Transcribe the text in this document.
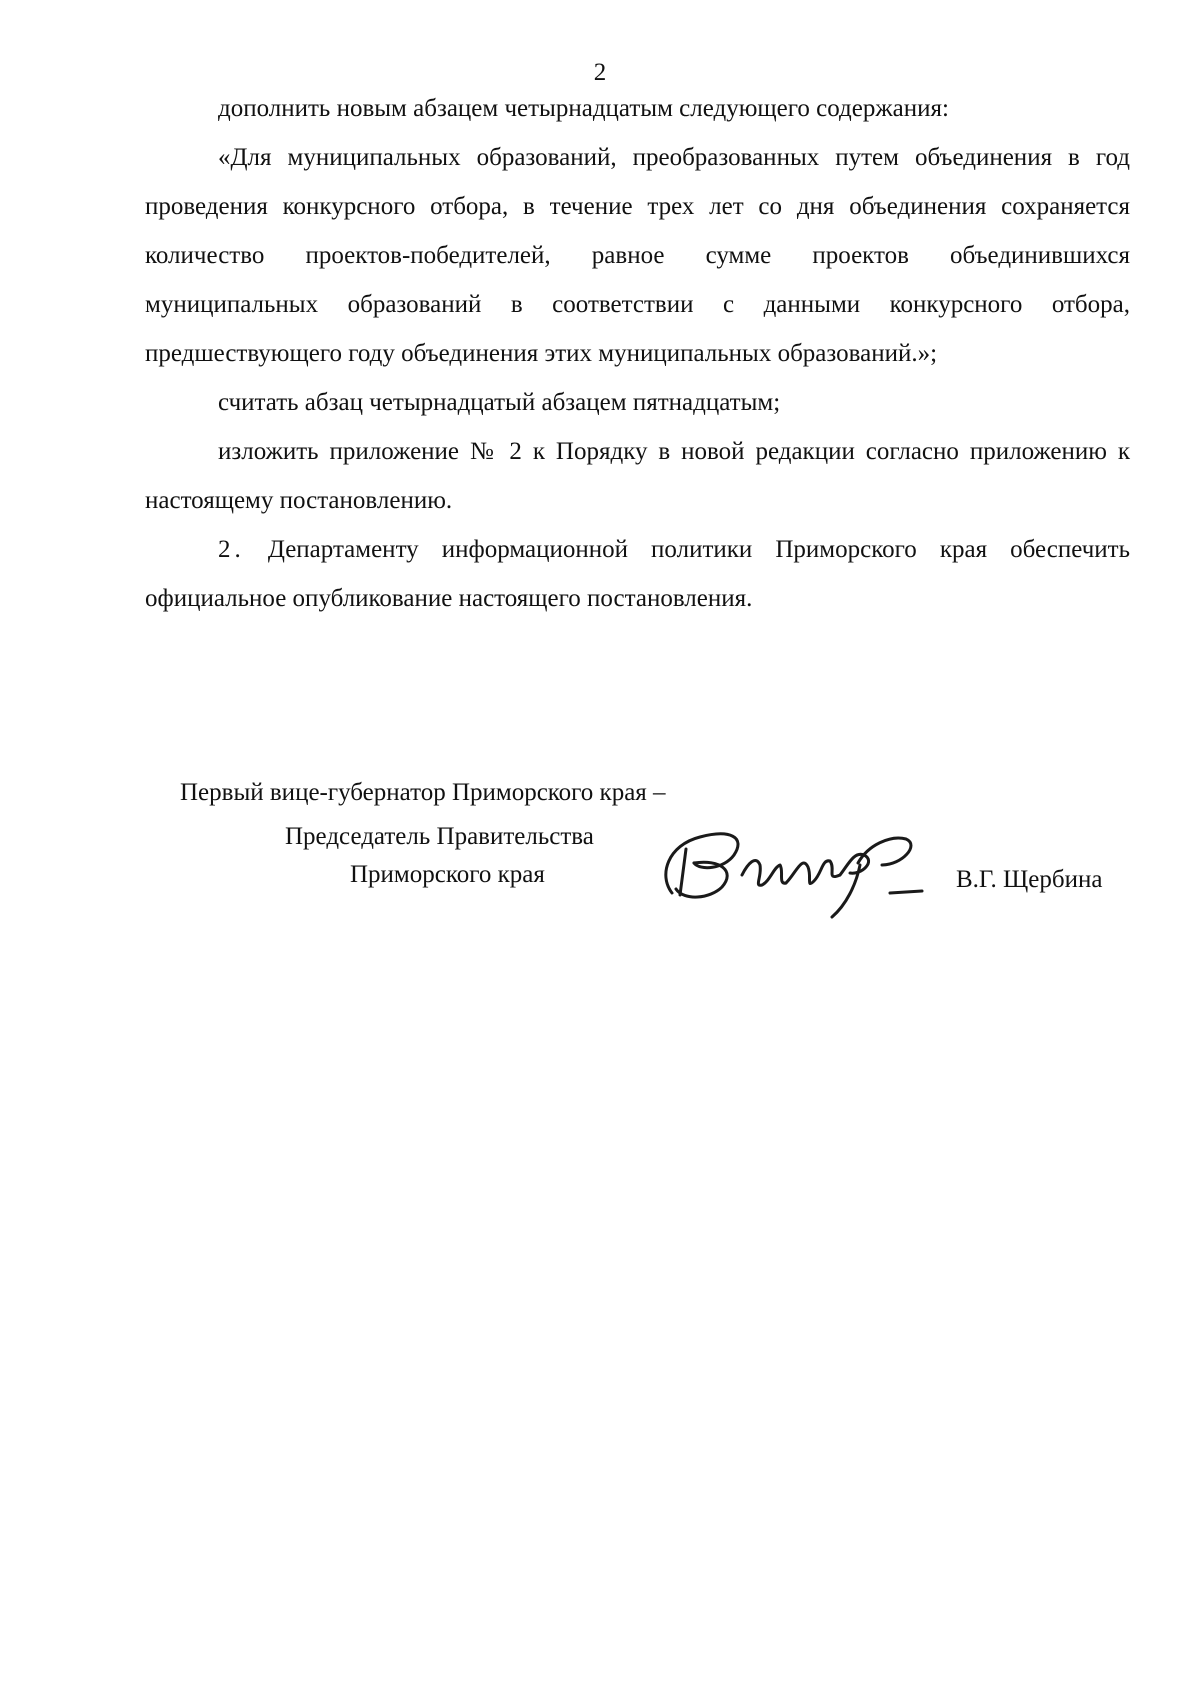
2

дополнить новым абзацем четырнадцатым следующего содержания:

«Для муниципальных образований, преобразованных путем объединения в год проведения конкурсного отбора, в течение трех лет со дня объединения сохраняется количество проектов-победителей, равное сумме проектов объединившихся муниципальных образований в соответствии с данными конкурсного отбора, предшествующего году объединения этих муниципальных образований.»;

считать абзац четырнадцатый абзацем пятнадцатым;

изложить приложение № 2 к Порядку в новой редакции согласно приложению к настоящему постановлению.

2. Департаменту информационной политики Приморского края обеспечить официальное опубликование настоящего постановления.

Первый вице-губернатор Приморского края –
Председатель Правительства
Приморского края	В.Г. Щербина
